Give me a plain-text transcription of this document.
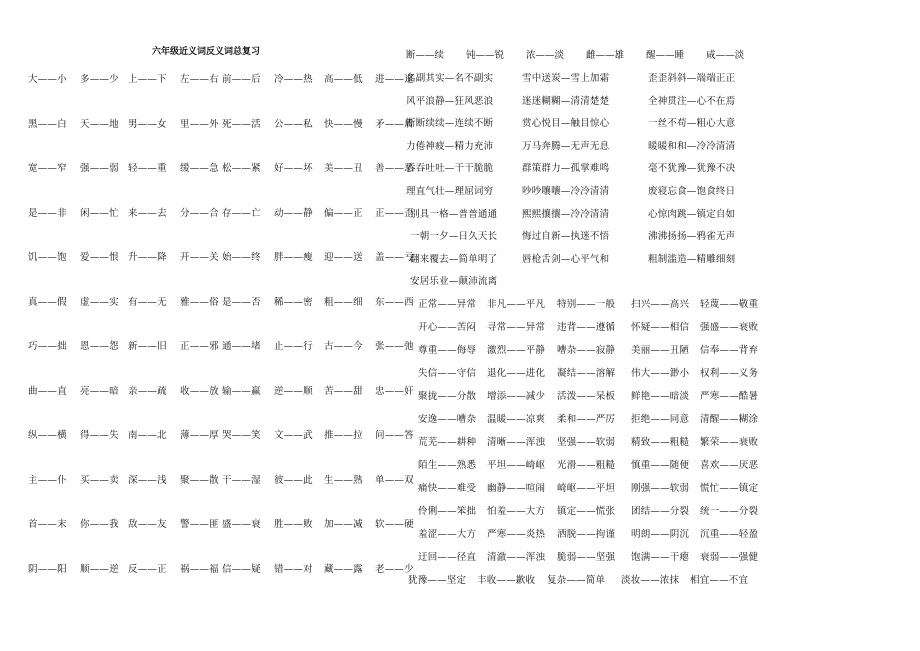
六年级近义词反义词总复习
大——小	多——少 上——下	左——右 前——后	冷——热	高——低	进——退
黑——白	天——地 男——女	里——外 死——活	公——私	快——慢	矛——盾
宽——窄	强——弱 轻——重	缓——急 松——紧	好——坏	美——丑	善——恶
是——非	闲——忙 来——去	分——合 存——亡	动——静	偏——正	正——歪
饥——饱	爱——恨 升——降	开——关 始——终	胖——瘦	迎——送	盖——亏
真——假	虚——实 有——无	雅——俗 是——否	稀——密	粗——细	东——西
巧——拙	恩——怨 新——旧	正——邪 通——堵	止——行	古——今	张——弛
曲——直	亮——暗 亲——疏	收——放 输——赢	逆——顺	苦——甜	忠——奸
纵——横	得——失 南——北	薄——厚 哭——笑	文——武	推——拉	问——答
主——仆	买——卖 深——浅	聚——散 干——湿	彼——此	生——熟	单——双
首——末	你——我 敌——友	警——匪 盛——衰	胜——败	加——减	软——硬
阴——阳	顺——逆 反——正	祸——福 信——疑	错——对	藏——露	老——少
断——续 钝——锐 浓——淡 雌——雄 醒——睡 咸——淡
名副其实—名不副实	雪中送炭—雪上加霜	歪歪斜斜—端端正正
风平浪静—狂风恶浪	迷迷糊糊—清清楚楚	全神贯注—心不在焉
断断续续—连续不断	赏心悦目—触目惊心	一丝不苟—粗心大意
力倦神疲—精力充沛	万马奔腾—无声无息	暖暖和和—冷冷清清
吞吞吐吐—干干脆脆	群策群力—孤掌难鸣	毫不犹豫—犹豫不决
理直气壮—理屈词穷	吵吵嚷嚷—冷冷清清	废寝忘食—饱食终日
别具一格—普普通通	熙熙攘攘—冷冷清清	心惊肉跳—镇定自如
一朝一夕—日久天长	悔过自新—执迷不悟	沸沸扬扬—鸦雀无声
翻来覆去—简单明了	唇枪舌剑—心平气和	粗制滥造—精雕细刻
安居乐业—颠沛流离
正常——异常 非凡——平凡 特别——一般 扫兴——高兴 轻蔑——敬重
开心——苦闷 寻常——异常 违背——遵循 怀疑——相信 强盛——衰败
尊重——侮辱 激烈——平静 嘈杂——寂静 美丽——丑陋 信奉——背弃
失信——守信 退化——进化 凝结——溶解 伟大——渺小 权利——义务
聚拢——分散 增添——减少 活泼——呆板 鲜艳——暗淡 严寒——酷暑
安逸——嘈杂 温暖——凉爽 柔和——严厉 拒绝——同意 清醒——糊涂
荒芜——耕种 清晰——浑浊 坚强——软弱 精致——粗糙 繁荣——衰败
陌生——熟悉 平坦——崎岖 光滑——粗糙 慎重——随便 喜欢——厌恶
痛快——难受 幽静——喧闹 崎岖——平坦 刚强——软弱 慌忙——镇定
伶俐——笨拙 怕羞——大方 镇定——慌张 团结——分裂 统一——分裂
羞涩——大方 严寒——炎热 洒脱——拘谨 明朗——阴沉 沉重——轻盈
迂回——径直 清澈——浑浊 脆弱——坚强 饱满——干瘪 衰弱——强健
犹豫——坚定 丰收——歉收 复杂——简单 淡妆——浓抹 相宜——不宜
